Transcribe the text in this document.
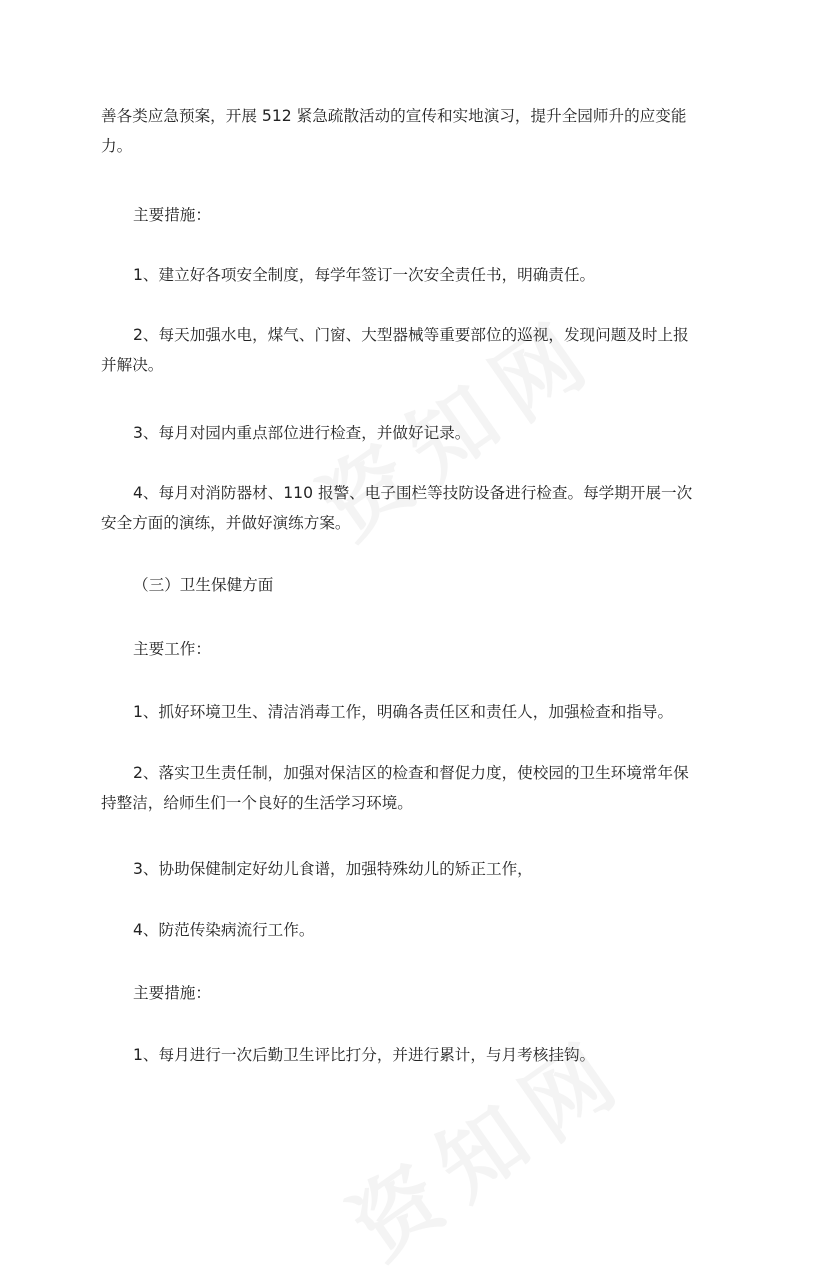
善各类应急预案，开展 512 紧急疏散活动的宣传和实地演习，提升全园师升的应变能
力。

主要措施：

1、建立好各项安全制度，每学年签订一次安全责任书，明确责任。

2、每天加强水电，煤气、门窗、大型器械等重要部位的巡视，发现问题及时上报
并解决。

3、每月对园内重点部位进行检查，并做好记录。

4、每月对消防器材、110 报警、电子围栏等技防设备进行检查。每学期开展一次
安全方面的演练，并做好演练方案。

（三）卫生保健方面

主要工作：

1、抓好环境卫生、清洁消毒工作，明确各责任区和责任人，加强检查和指导。

2、落实卫生责任制，加强对保洁区的检查和督促力度，使校园的卫生环境常年保
持整洁，给师生们一个良好的生活学习环境。

3、协助保健制定好幼儿食谱，加强特殊幼儿的矫正工作，

4、防范传染病流行工作。

主要措施：

1、每月进行一次后勤卫生评比打分，并进行累计，与月考核挂钩。
